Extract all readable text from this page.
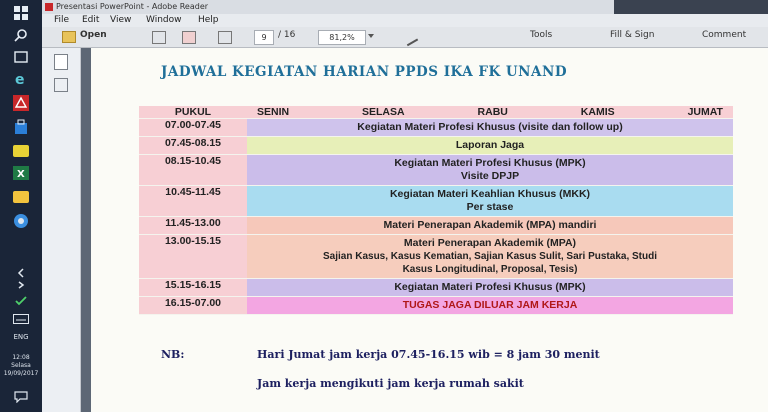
e
X
ENG
12:08
Selasa
19/09/2017
Presentasi PowerPoint - Adobe Reader
File Edit View Window Help
Open	9	/ 16	81,2%	Tools	Fill & Sign	Comment
JADWAL KEGIATAN HARIAN PPDS IKA FK UNAND
PUKUL	SENIN SELASA RABU KAMIS JUMAT

07.00-07.45	Kegiatan Materi Profesi Khusus (visite dan follow up)

07.45-08.15	Laporan Jaga

08.15-10.45	Kegiatan Materi Profesi Khusus (MPK)
Visite DPJP

10.45-11.45	Kegiatan Materi Keahlian Khusus (MKK)
Per stase

11.45-13.00	Materi Penerapan Akademik (MPA) mandiri

13.00-15.15	Materi Penerapan Akademik (MPA)
Sajian Kasus, Kasus Kematian, Sajian Kasus Sulit, Sari Pustaka, Studi
Kasus Longitudinal, Proposal, Tesis)

15.15-16.15	Kegiatan Materi Profesi Khusus (MPK)

16.15-07.00	TUGAS JAGA DILUAR JAM KERJA
NB:	Hari Jumat jam kerja 07.45-16.15 wib = 8 jam 30 menit
Jam kerja mengikuti jam kerja rumah sakit
